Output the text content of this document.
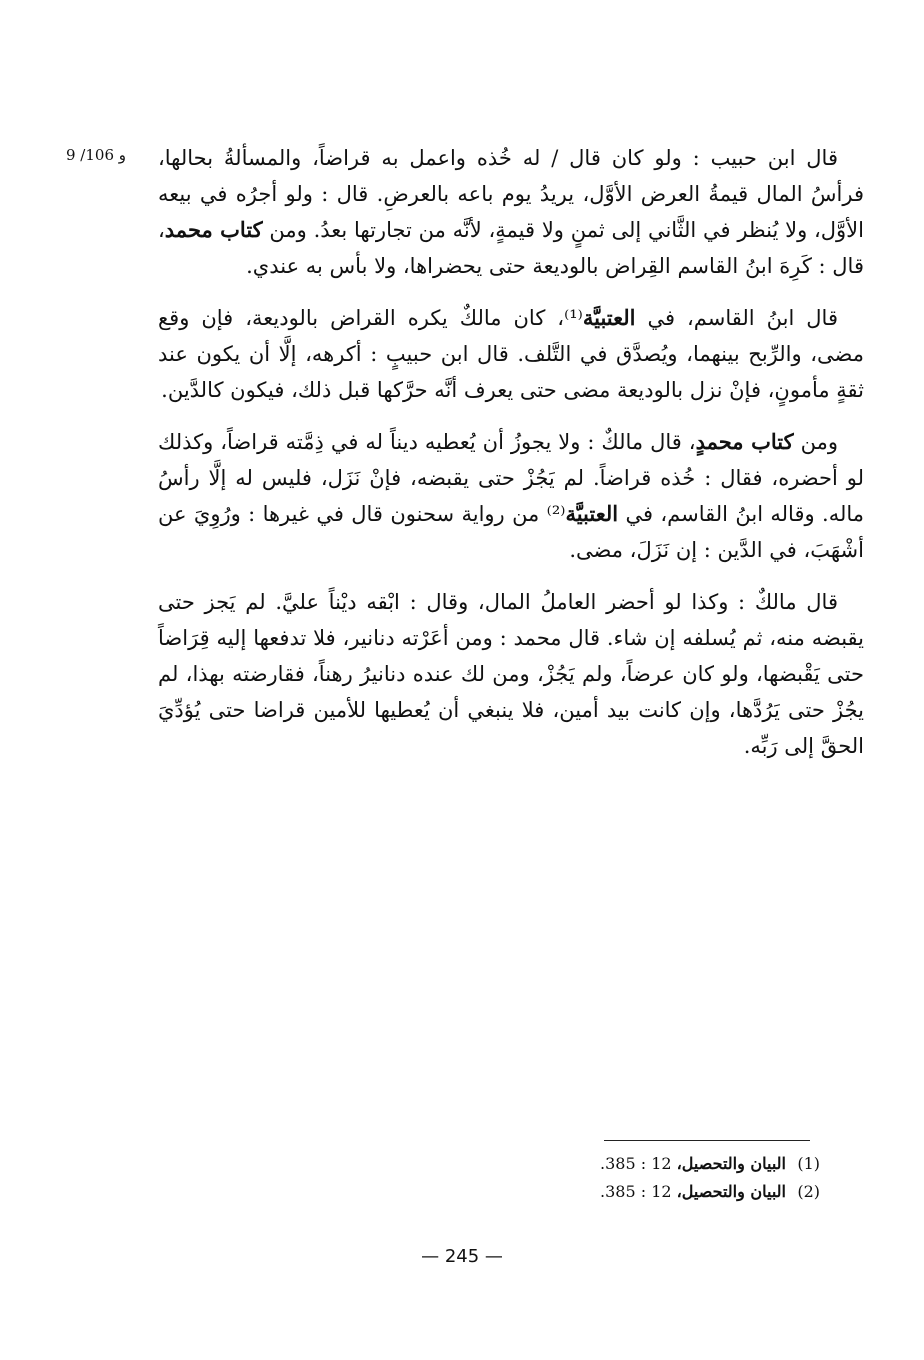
9 /106 و قال ابن حبيب : ولو كان قال / له خُذه واعمل به قراضاً، والمسألةُ بحالها، فرأسُ المال قيمةُ العرض الأوَّل، يريدُ يوم باعه بالعرضِ. قال : ولو أجرُه في بيعه الأوَّل، ولا يُنظر في الثَّاني إلى ثمنٍ ولا قيمةٍ، لأنَّه من تجارتها بعدُ. ومن كتاب محمد، قال : كَرِهَ ابنُ القاسم القِراض بالوديعة حتى يحضراها، ولا بأس به عندي.

قال ابنُ القاسم، في العتبيَّة⁽¹⁾، كان مالكٌ يكره القراض بالوديعة، فإن وقع مضى، والرِّبح بينهما، ويُصدَّق في التَّلف. قال ابن حبيبٍ : أكرهه، إلَّا أن يكون عند ثقةٍ مأمونٍ، فإنْ نزل بالوديعة مضى حتى يعرف أنَّه حرَّكها قبل ذلك، فيكون كالدَّين.

ومن كتاب محمدٍ، قال مالكٌ : ولا يجوزُ أن يُعطيه ديناً له في ذِمَّته قراضاً، وكذلك لو أحضره، فقال : خُذه قراضاً. لم يَجُزْ حتى يقبضه، فإنْ نَزَل، فليس له إلَّا رأسُ ماله. وقاله ابنُ القاسم، في العتبيَّة⁽²⁾ من رواية سحنون قال في غيرها : ورُوِيَ عن أشْهَبَ، في الدَّين : إن نَزَلَ، مضى.

قال مالكٌ : وكذا لو أحضر العاملُ المال، وقال : ابْقه ديْناً عليَّ. لم يَجز حتى يقبضه منه، ثم يُسلفه إن شاء. قال محمد : ومن أعَرْته دنانير، فلا تدفعها إليه قِرَاضاً حتى يَقْبضها، ولو كان عرضاً، ولم يَجُزْ، ومن لك عنده دنانيرُ رهناً، فقارضته بهذا، لم يجُزْ حتى يَرُدَّها، وإن كانت بيد أمين، فلا ينبغي أن يُعطيها للأمين قراضا حتى يُؤدِّيَ الحقَّ إلى رَبِّه.

(1)البيان والتحصيل، 12 : 385.

(2)البيان والتحصيل، 12 : 385.

— 245 —
